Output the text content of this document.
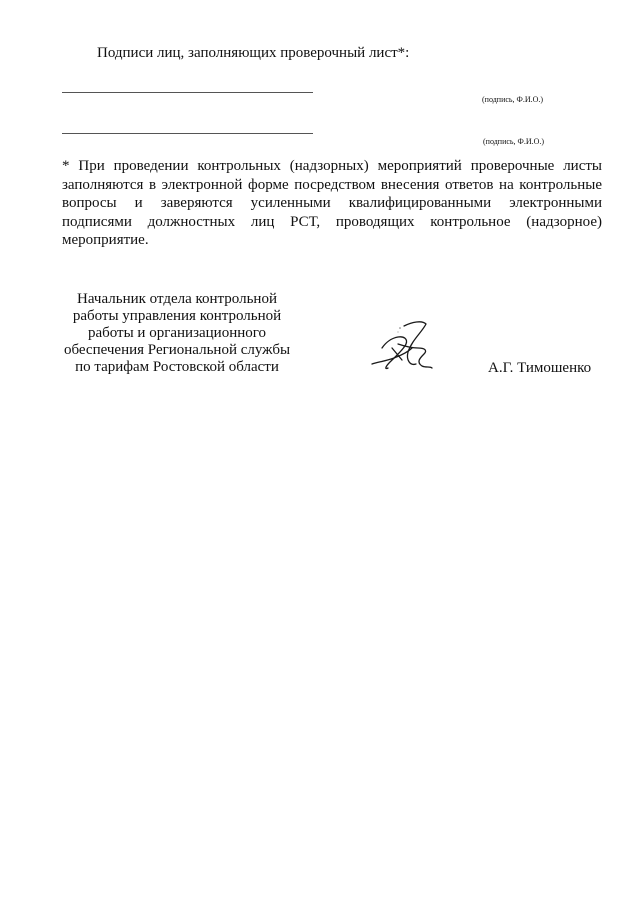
Подписи лиц, заполняющих проверочный лист*:
(подпись, Ф.И.О.)
(подпись, Ф.И.О.)

* При проведении контрольных (надзорных) мероприятий проверочные листы заполняются в электронной форме посредством внесения ответов на контрольные вопросы и заверяются усиленными квалифицированными электронными подписями должностных лиц РСТ, проводящих контрольное (надзорное) мероприятие.

Начальник отдела контрольной
работы управления контрольной
работы и организационного
обеспечения Региональной службы
по тарифам Ростовской области	А.Г. Тимошенко
